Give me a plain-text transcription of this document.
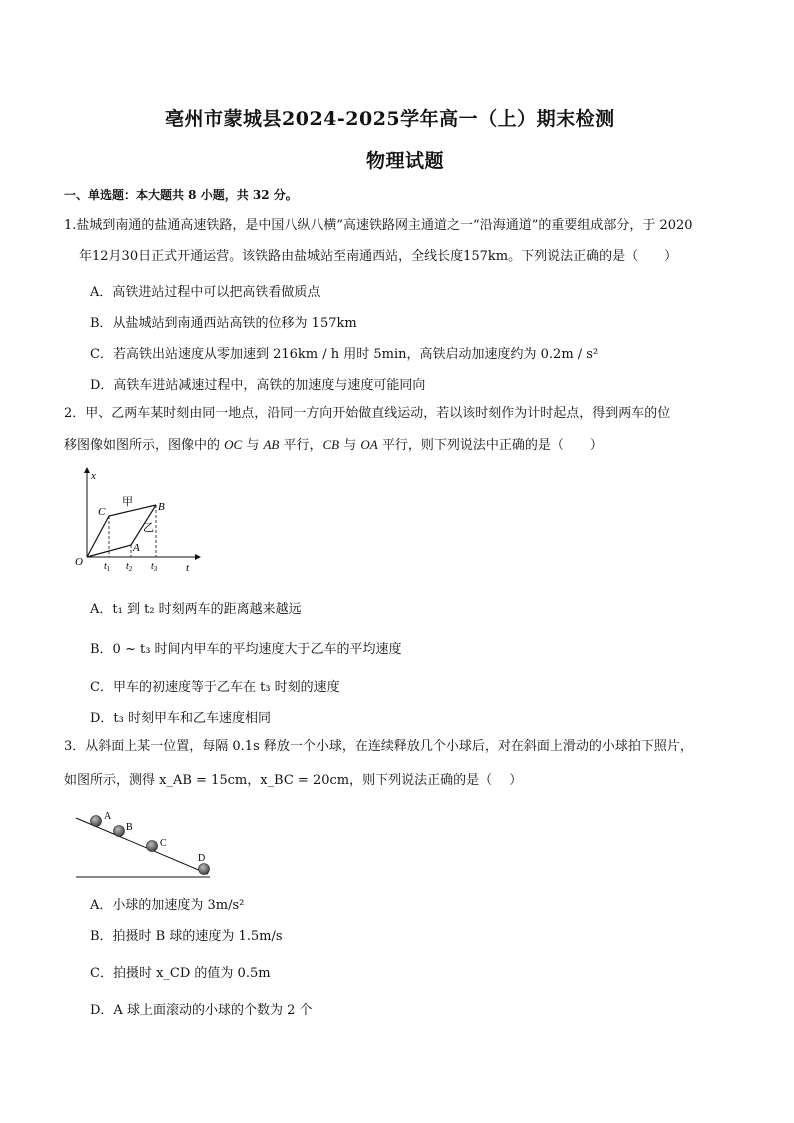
亳州市蒙城县2024-2025学年高一（上）期末检测
物理试题
一、单选题：本大题共 8 小题，共 32 分。
1.盐城到南通的盐通高速铁路，是中国八纵八横”高速铁路网主通道之一“沿海通道”的重要组成部分，于 2020
年12月30日正式开通运营。该铁路由盐城站至南通西站，全线长度157km。下列说法正确的是（　　）
A．高铁进站过程中可以把高铁看做质点
B．从盐城站到南通西站高铁的位移为 157km
C．若高铁出站速度从零加速到 216km / h 用时 5min，高铁启动加速度约为 0.2m / s²
D．高铁车进站减速过程中，高铁的加速度与速度可能同向
2．甲、乙两车某时刻由同一地点，沿同一方向开始做直线运动，若以该时刻作为计时起点，得到两车的位
移图像如图所示，图像中的 OC 与 AB 平行，CB 与 OA 平行，则下列说法中正确的是（　　）
x
t
O
C	B
A
甲
乙
$t_1$ $t_2$ $t_3$
A．t₁ 到 t₂ 时刻两车的距离越来越远
B．0 ~ t₃ 时间内甲车的平均速度大于乙车的平均速度
C．甲车的初速度等于乙车在 t₃ 时刻的速度
D．t₃ 时刻甲车和乙车速度相同
3．从斜面上某一位置，每隔 0.1s 释放一个小球，在连续释放几个小球后，对在斜面上滑动的小球拍下照片，
如图所示，测得 x_AB = 15cm，x_BC = 20cm，则下列说法正确的是（　 ）
A
B
C
D
A．小球的加速度为 3m/s²
B．拍摄时 B 球的速度为 1.5m/s
C．拍摄时 x_CD 的值为 0.5m
D．A 球上面滚动的小球的个数为 2 个
